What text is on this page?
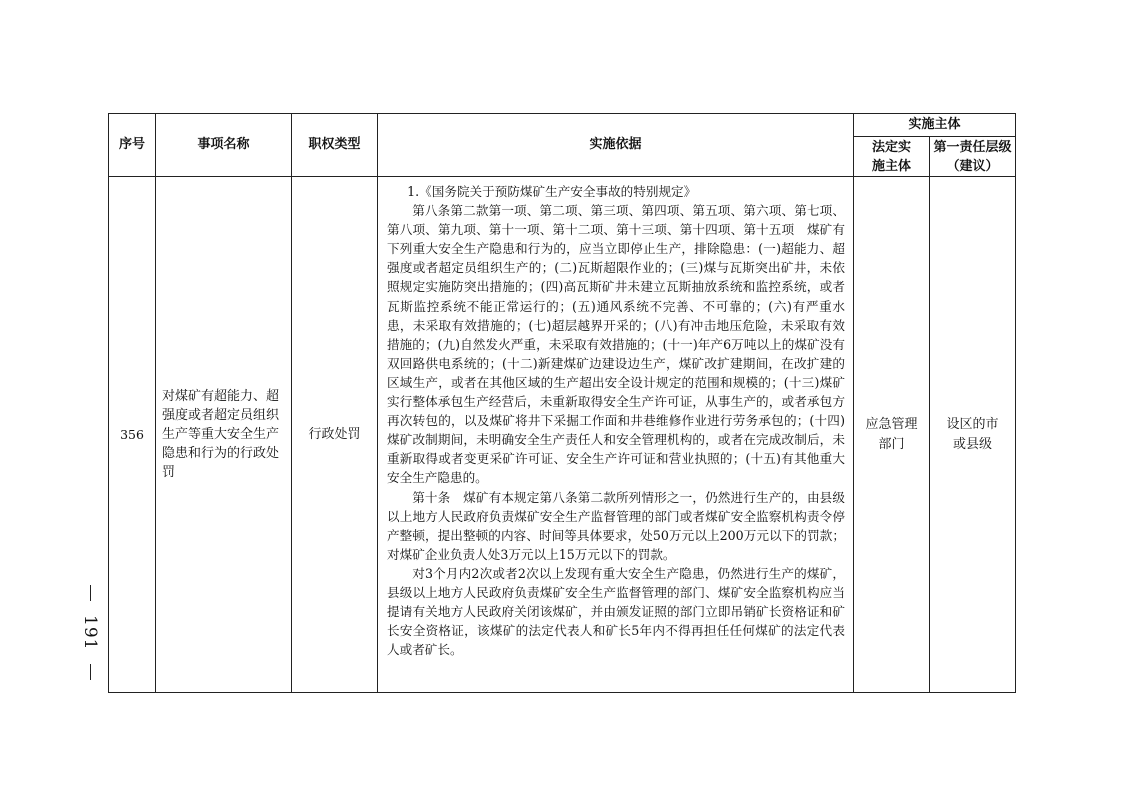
序号	事项名称	职权类型	实施依据	实施主体	
				法定实施主体	第一责任层级（建议）
356	对煤矿有超能力、超强度或者超定员组织生产等重大安全生产隐患和行为的行政处罚	行政处罚	1.《国务院关于预防煤矿生产安全事故的特别规定》

第八条第二款第一项、第二项、第三项、第四项、第五项、第六项、第七项、第八项、第九项、第十一项、第十二项、第十三项、第十四项、第十五项　煤矿有下列重大安全生产隐患和行为的，应当立即停止生产，排除隐患：(一)超能力、超强度或者超定员组织生产的；(二)瓦斯超限作业的；(三)煤与瓦斯突出矿井，未依照规定实施防突出措施的；(四)高瓦斯矿井未建立瓦斯抽放系统和监控系统，或者瓦斯监控系统不能正常运行的；(五)通风系统不完善、不可靠的；(六)有严重水患，未采取有效措施的；(七)超层越界开采的；(八)有冲击地压危险，未采取有效措施的；(九)自然发火严重，未采取有效措施的；(十一)年产6万吨以上的煤矿没有双回路供电系统的；(十二)新建煤矿边建设边生产，煤矿改扩建期间，在改扩建的区域生产，或者在其他区域的生产超出安全设计规定的范围和规模的；(十三)煤矿实行整体承包生产经营后，未重新取得安全生产许可证，从事生产的，或者承包方再次转包的，以及煤矿将井下采掘工作面和井巷维修作业进行劳务承包的；(十四)煤矿改制期间，未明确安全生产责任人和安全管理机构的，或者在完成改制后，未重新取得或者变更采矿许可证、安全生产许可证和营业执照的；(十五)有其他重大安全生产隐患的。

第十条　煤矿有本规定第八条第二款所列情形之一，仍然进行生产的，由县级以上地方人民政府负责煤矿安全生产监督管理的部门或者煤矿安全监察机构责令停产整顿，提出整顿的内容、时间等具体要求，处50万元以上200万元以下的罚款；对煤矿企业负责人处3万元以上15万元以下的罚款。

对3个月内2次或者2次以上发现有重大安全生产隐患，仍然进行生产的煤矿，县级以上地方人民政府负责煤矿安全生产监督管理的部门、煤矿安全监察机构应当提请有关地方人民政府关闭该煤矿，并由颁发证照的部门立即吊销矿长资格证和矿长安全资格证，该煤矿的法定代表人和矿长5年内不得再担任任何煤矿的法定代表人或者矿长。	应急管理部门	设区的市或县级
191
